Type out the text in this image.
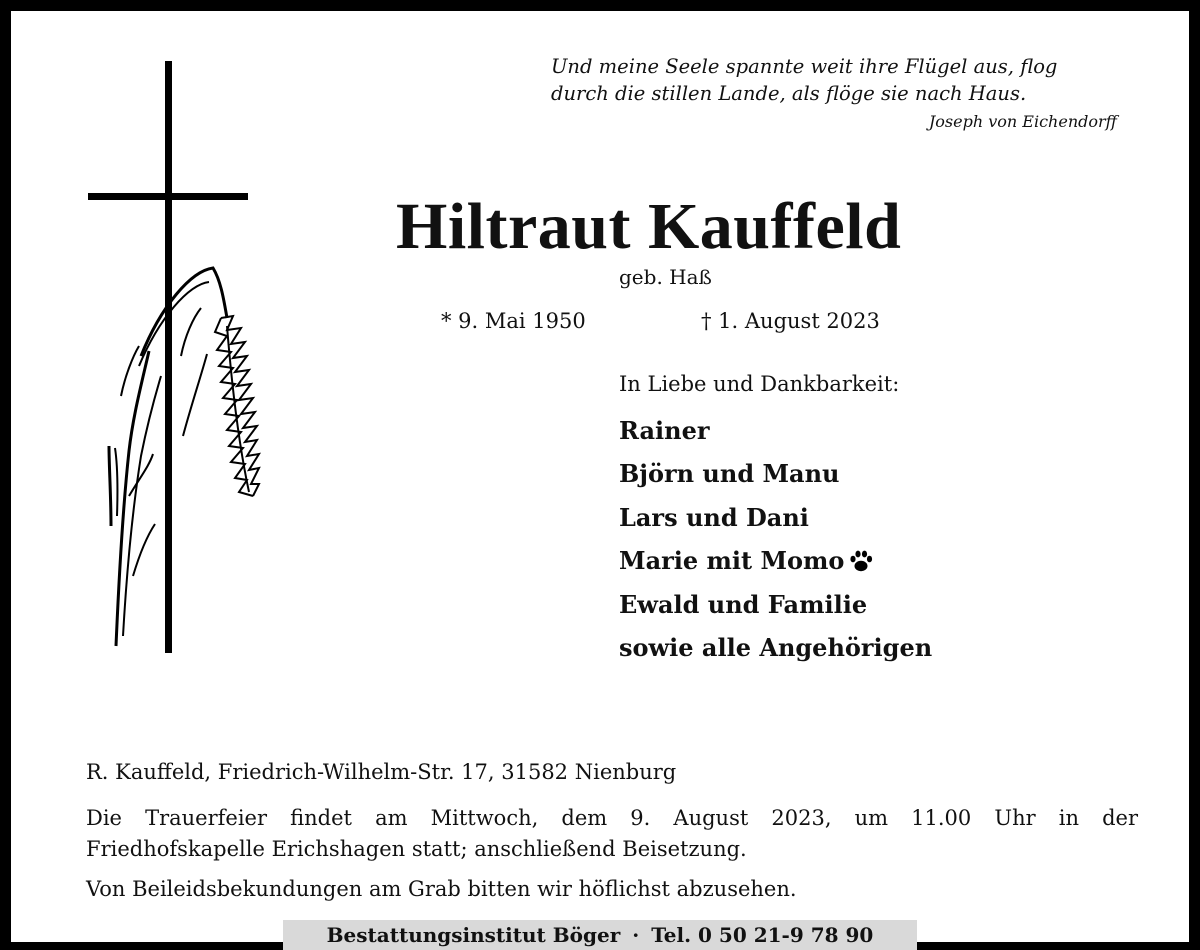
Und meine Seele spannte weit ihre Flügel aus, flog
durch die stillen Lande, als flöge sie nach Haus.
Joseph von Eichendorff
Hiltraut Kauffeld
geb. Haß
* 9. Mai 1950	† 1. August 2023
In Liebe und Dankbarkeit:
Rainer
Björn und Manu
Lars und Dani
Marie mit Momo
Ewald und Familie
sowie alle Angehörigen
R. Kauffeld, Friedrich-Wilhelm-Str. 17, 31582 Nienburg
Die Trauerfeier findet am Mittwoch, dem 9. August 2023, um 11.00 Uhr in der
Friedhofskapelle Erichshagen statt; anschließend Beisetzung.
Von Beileidsbekundungen am Grab bitten wir höflichst abzusehen.
Bestattungsinstitut Böger · Tel. 0 50 21-9 78 90
